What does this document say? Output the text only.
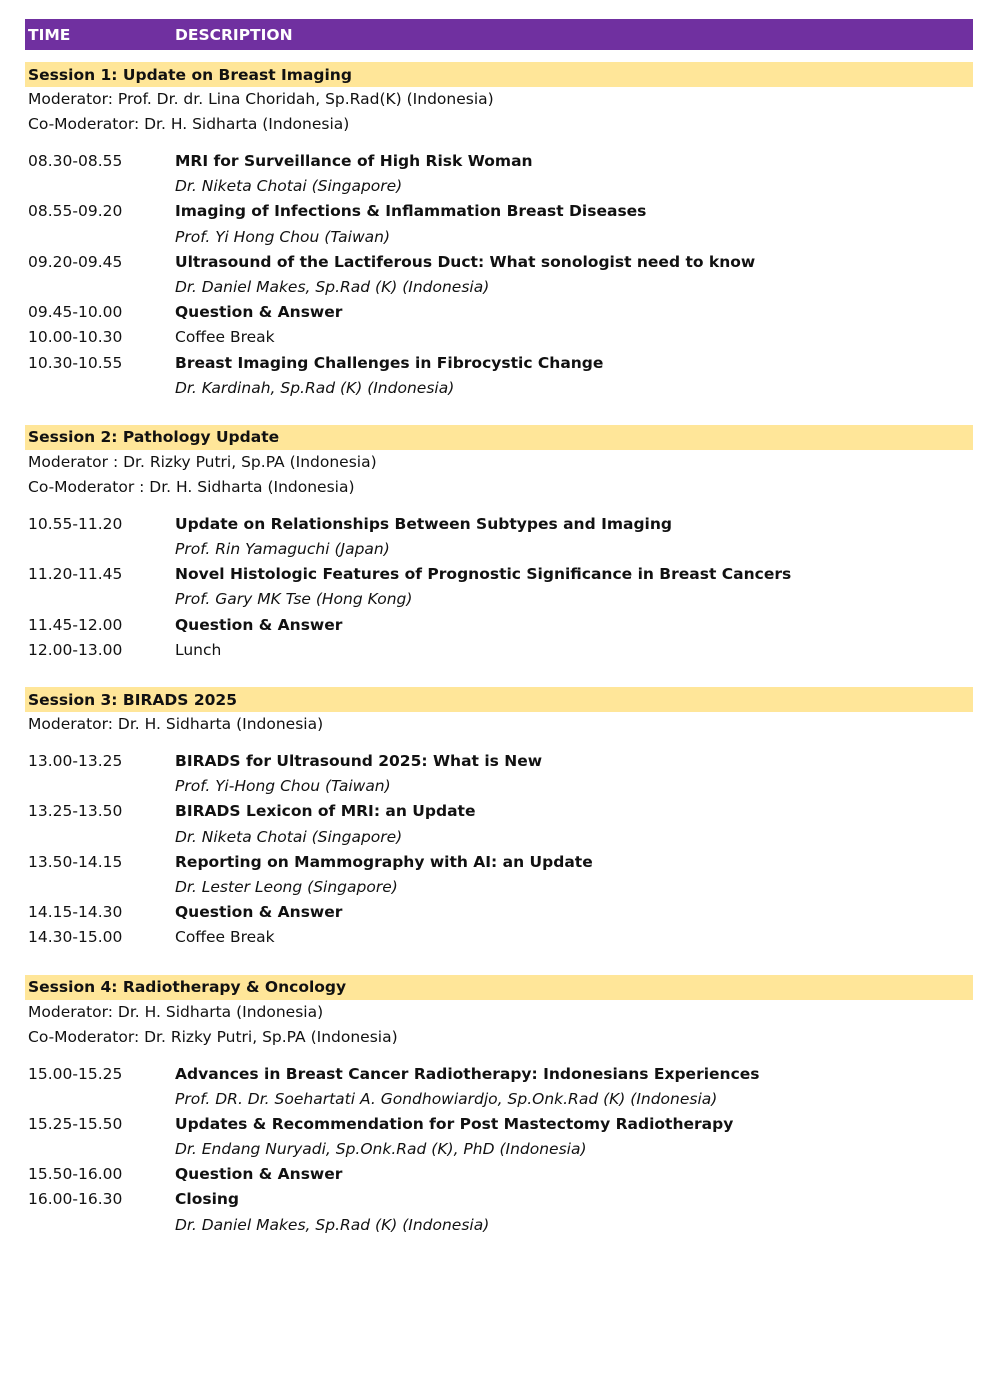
TIME	DESCRIPTION
Session 1: Update on Breast Imaging
Moderator: Prof. Dr. dr. Lina Choridah, Sp.Rad(K) (Indonesia)
Co-Moderator: Dr. H. Sidharta (Indonesia)
08.30-08.55	MRI for Surveillance of High Risk Woman
Dr. Niketa Chotai (Singapore)
08.55-09.20	Imaging of Infections & Inflammation Breast Diseases
Prof. Yi Hong Chou (Taiwan)
09.20-09.45	Ultrasound of the Lactiferous Duct: What sonologist need to know
Dr. Daniel Makes, Sp.Rad (K) (Indonesia)
09.45-10.00	Question & Answer
10.00-10.30	Coffee Break
10.30-10.55	Breast Imaging Challenges in Fibrocystic Change
Dr. Kardinah, Sp.Rad (K) (Indonesia)
Session 2: Pathology Update
Moderator : Dr. Rizky Putri, Sp.PA (Indonesia)
Co-Moderator : Dr. H. Sidharta (Indonesia)
10.55-11.20	Update on Relationships Between Subtypes and Imaging
Prof. Rin Yamaguchi (Japan)
11.20-11.45	Novel Histologic Features of Prognostic Significance in Breast Cancers
Prof. Gary MK Tse (Hong Kong)
11.45-12.00	Question & Answer
12.00-13.00	Lunch
Session 3: BIRADS 2025
Moderator: Dr. H. Sidharta (Indonesia)
13.00-13.25	BIRADS for Ultrasound 2025: What is New
Prof. Yi-Hong Chou (Taiwan)
13.25-13.50	BIRADS Lexicon of MRI: an Update
Dr. Niketa Chotai (Singapore)
13.50-14.15	Reporting on Mammography with AI: an Update
Dr. Lester Leong (Singapore)
14.15-14.30	Question & Answer
14.30-15.00	Coffee Break
Session 4: Radiotherapy & Oncology
Moderator: Dr. H. Sidharta (Indonesia)
Co-Moderator: Dr. Rizky Putri, Sp.PA (Indonesia)
15.00-15.25	Advances in Breast Cancer Radiotherapy: Indonesians Experiences
Prof. DR. Dr. Soehartati A. Gondhowiardjo, Sp.Onk.Rad (K) (Indonesia)
15.25-15.50	Updates & Recommendation for Post Mastectomy Radiotherapy
Dr. Endang Nuryadi, Sp.Onk.Rad (K), PhD (Indonesia)
15.50-16.00	Question & Answer
16.00-16.30	Closing
Dr. Daniel Makes, Sp.Rad (K) (Indonesia)
